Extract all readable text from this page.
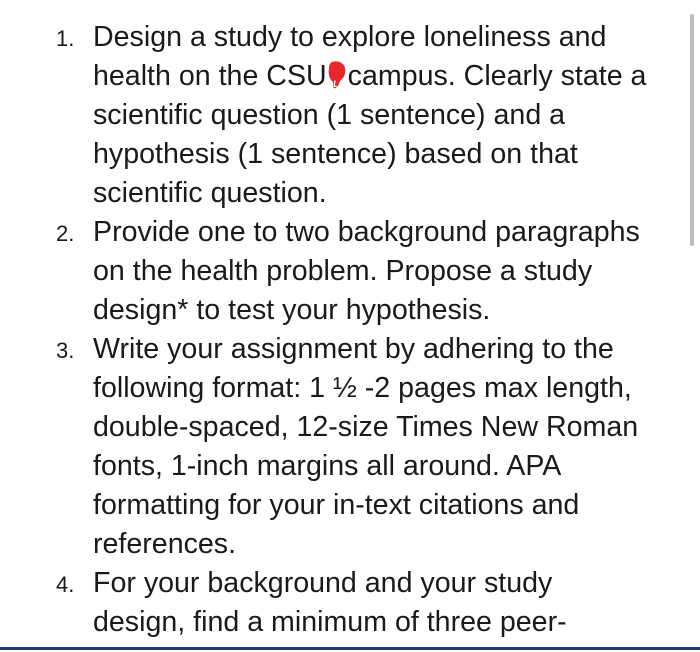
1. Design a study to explore loneliness and
health on the CSU campus. Clearly state a
scientific question (1 sentence) and a
hypothesis (1 sentence) based on that
scientific question.
2. Provide one to two background paragraphs
on the health problem. Propose a study
design* to test your hypothesis.
3. Write your assignment by adhering to the
following format: 1 ½ -2 pages max length,
double-spaced, 12-size Times New Roman
fonts, 1-inch margins all around. APA
formatting for your in-text citations and
references.
4. For your background and your study
design, find a minimum of three peer-
